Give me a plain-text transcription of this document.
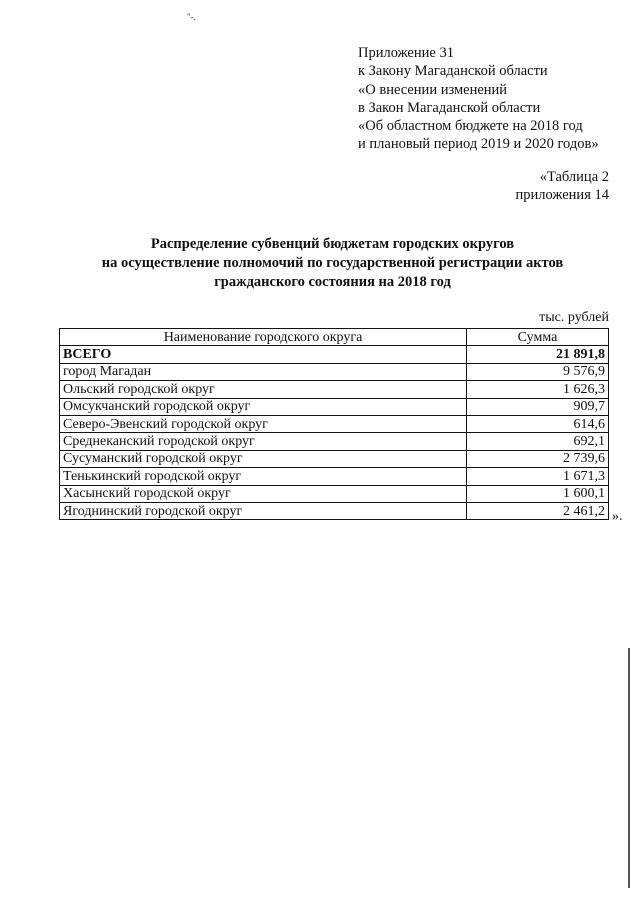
"-.
Приложение 31
к Закону Магаданской области
«О внесении изменений
в Закон Магаданской области
«Об областном бюджете на 2018 год
и плановый период 2019 и 2020 годов»
«Таблица 2
приложения 14
Распределение субвенций бюджетам городских округов
на осуществление полномочий по государственной регистрации актов
гражданского состояния на 2018 год
тыс. рублей
Наименование городского округа	Сумма
ВСЕГО	21 891,8
город Магадан	9 576,9
Ольский городской округ	1 626,3
Омсукчанский городской округ	909,7
Северо-Эвенский городской округ	614,6
Среднеканский городской округ	692,1
Сусуманский городской округ	2 739,6
Тенькинский городской округ	1 671,3
Хасынский городской округ	1 600,1
Ягоднинский городской округ	2 461,2 ».
